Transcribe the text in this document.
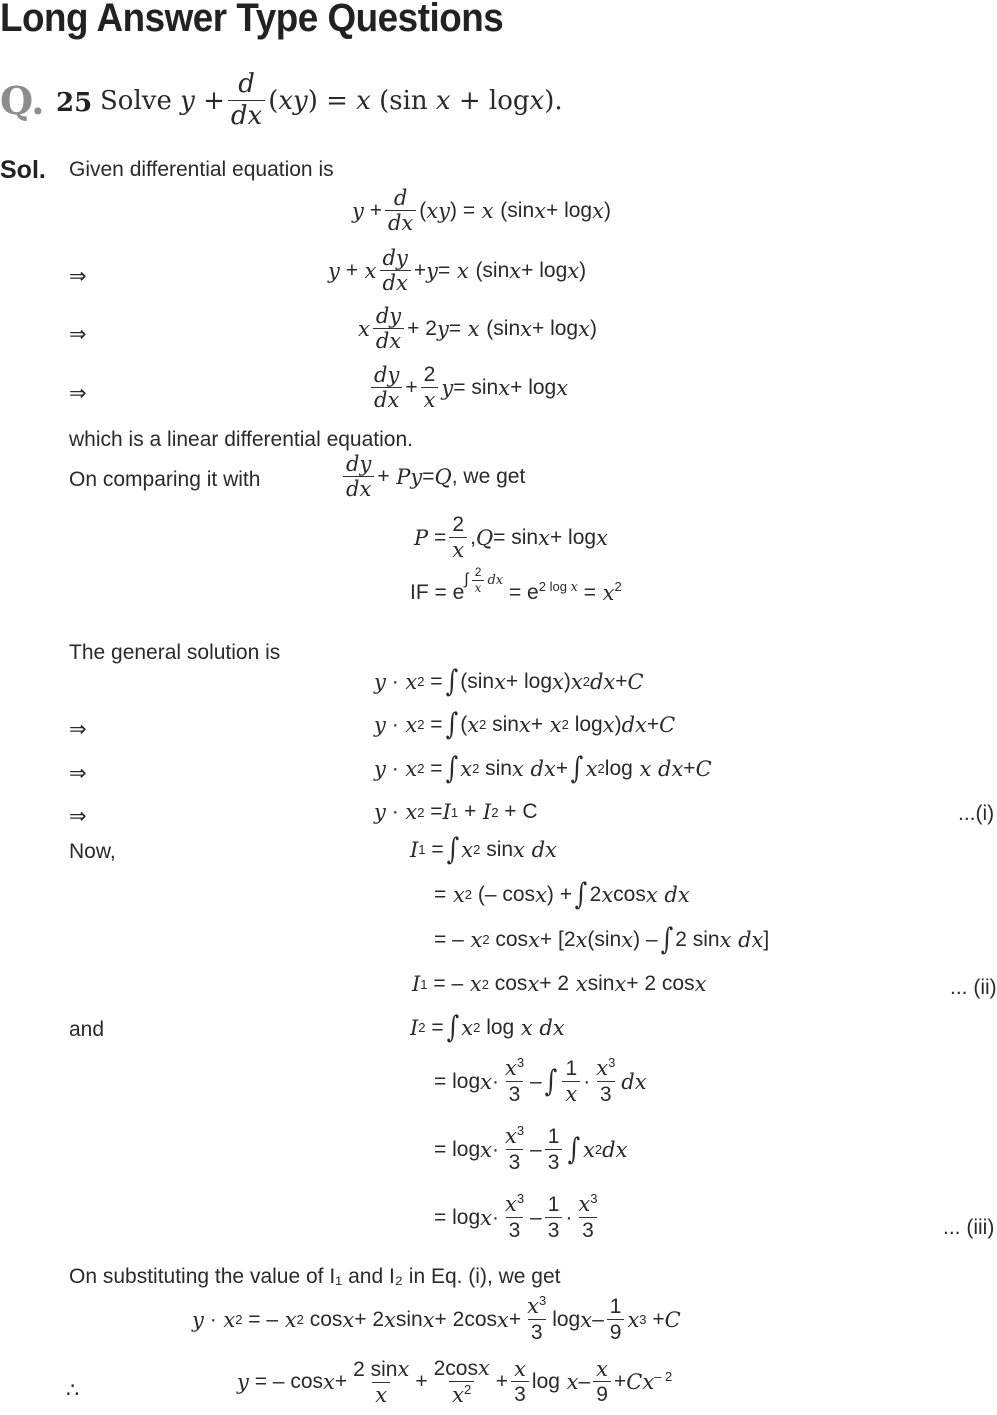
Long Answer Type Questions
Q. 25 Solve $y + \frac{d}{dx}$ ( xy ) = x (sin x + log x ).
Sol. Given differential equation is
$y + \frac{d}{dx}$ ( xy ) = x (sin x + log x )
⇒	y + x $\frac{dy}{dx} + y = x$ (sin x + log x )
⇒	x $\frac{dy}{dx} + 2$ y = x (sin x + log x )
⇒	$\frac{dy}{dx} + \frac{2}{x}$ y = sin x + log x
which is a linear differential equation.
On comparing it with	$\frac{dy}{dx} + Py = Q$ , we get
$P = \frac{2}{x}$ , Q = sin x + log x
IF = e
$^{\int \frac{2}{x} dx}$
= $e^{2 log x} = x^2$
The general solution is
y · x 2 = ∫ (sin x + log x ) x 2 dx + C
⇒	y · x 2 = ∫ ( x 2 sin x + x 2 log x ) dx + C
⇒	y · x 2 = ∫ x 2 sin x dx + ∫ x 2 log x dx + C
⇒	y · x 2 = I 1 + I 2 + C	...(i)
Now,	I 1 = ∫ x 2 sin x dx
= x 2 (– cos x ) + ∫ 2 x cos x dx
= – x 2 cos x + [2 x (sin x ) – ∫ 2 sin x dx ]
I 1 = – x 2 cos x + 2 x sin x + 2 cos x	... (ii)
and	I 2 = ∫ x 2 log x dx
= $\log x \cdot \frac{x^3}{3}$ – ∫ $\frac{1}{x} \cdot \frac{x^3}{3}$ dx
= $\log x \cdot \frac{x^3}{3} - \frac{1}{3}$ ∫ x 2 dx
= $\log x \cdot \frac{x^3}{3} - \frac{1}{3} \cdot \frac{x^3}{3}$	... (iii)
On substituting the value of I₁ and I₂ in Eq. (i), we get
y · x 2 = – x 2 cos x + 2 x sin x + 2cos $x + \frac{x^3}{3}$ log x – $\frac{1}{9}$ x 3 + C
∴	y = – $\cos x + \frac{2 \sin x}{x} + \frac{2\cos x}{x^2} + \frac{x}{3}$ $\log x - \frac{x}{9} + Cx^{- 2}$
